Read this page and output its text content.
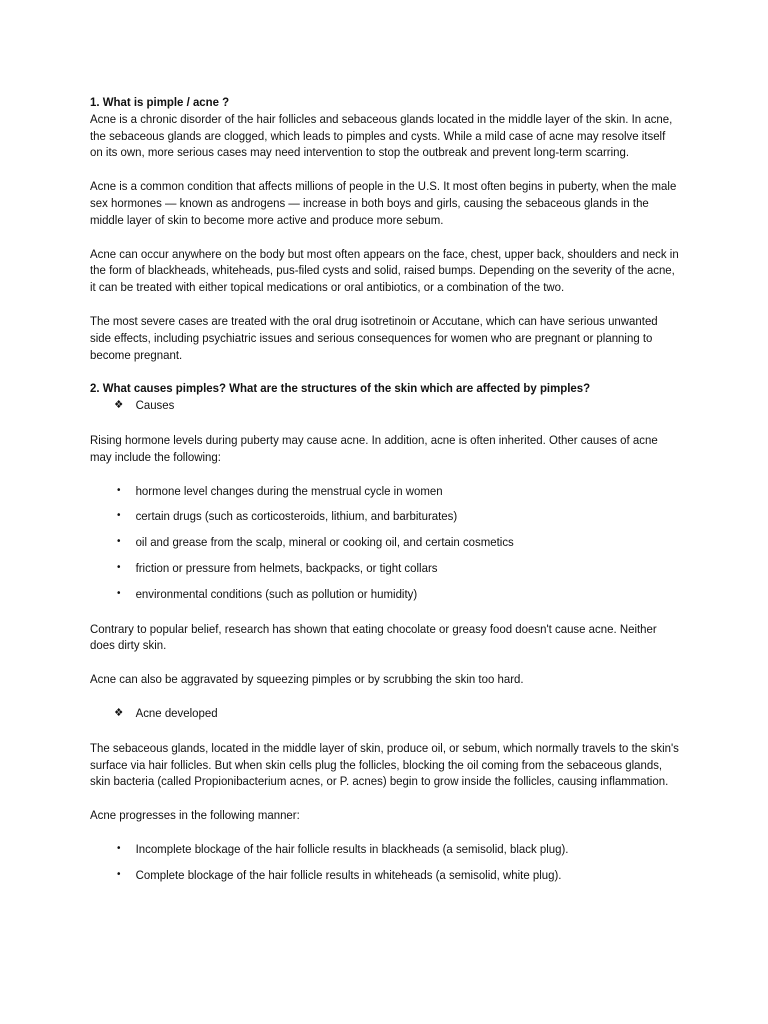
1. What is pimple / acne ?

Acne is a chronic disorder of the hair follicles and sebaceous glands located in the middle layer of the skin. In acne, the sebaceous glands are clogged, which leads to pimples and cysts. While a mild case of acne may resolve itself on its own, more serious cases may need intervention to stop the outbreak and prevent long-term scarring.

Acne is a common condition that affects millions of people in the U.S. It most often begins in puberty, when the male sex hormones — known as androgens — increase in both boys and girls, causing the sebaceous glands in the middle layer of skin to become more active and produce more sebum.

Acne can occur anywhere on the body but most often appears on the face, chest, upper back, shoulders and neck in the form of blackheads, whiteheads, pus-filed cysts and solid, raised bumps. Depending on the severity of the acne, it can be treated with either topical medications or oral antibiotics, or a combination of the two.

The most severe cases are treated with the oral drug isotretinoin or Accutane, which can have serious unwanted side effects, including psychiatric issues and serious consequences for women who are pregnant or planning to become pregnant.

2. What causes pimples? What are the structures of the skin which are affected by pimples?
❖ Causes

Rising hormone levels during puberty may cause acne. In addition, acne is often inherited. Other causes of acne may include the following:

• hormone level changes during the menstrual cycle in women
• certain drugs (such as corticosteroids, lithium, and barbiturates)
• oil and grease from the scalp, mineral or cooking oil, and certain cosmetics
• friction or pressure from helmets, backpacks, or tight collars
• environmental conditions (such as pollution or humidity)

Contrary to popular belief, research has shown that eating chocolate or greasy food doesn't cause acne. Neither does dirty skin.

Acne can also be aggravated by squeezing pimples or by scrubbing the skin too hard.

❖ Acne developed

The sebaceous glands, located in the middle layer of skin, produce oil, or sebum, which normally travels to the skin's surface via hair follicles. But when skin cells plug the follicles, blocking the oil coming from the sebaceous glands, skin bacteria (called Propionibacterium acnes, or P. acnes) begin to grow inside the follicles, causing inflammation.

Acne progresses in the following manner:

• Incomplete blockage of the hair follicle results in blackheads (a semisolid, black plug).
• Complete blockage of the hair follicle results in whiteheads (a semisolid, white plug).
